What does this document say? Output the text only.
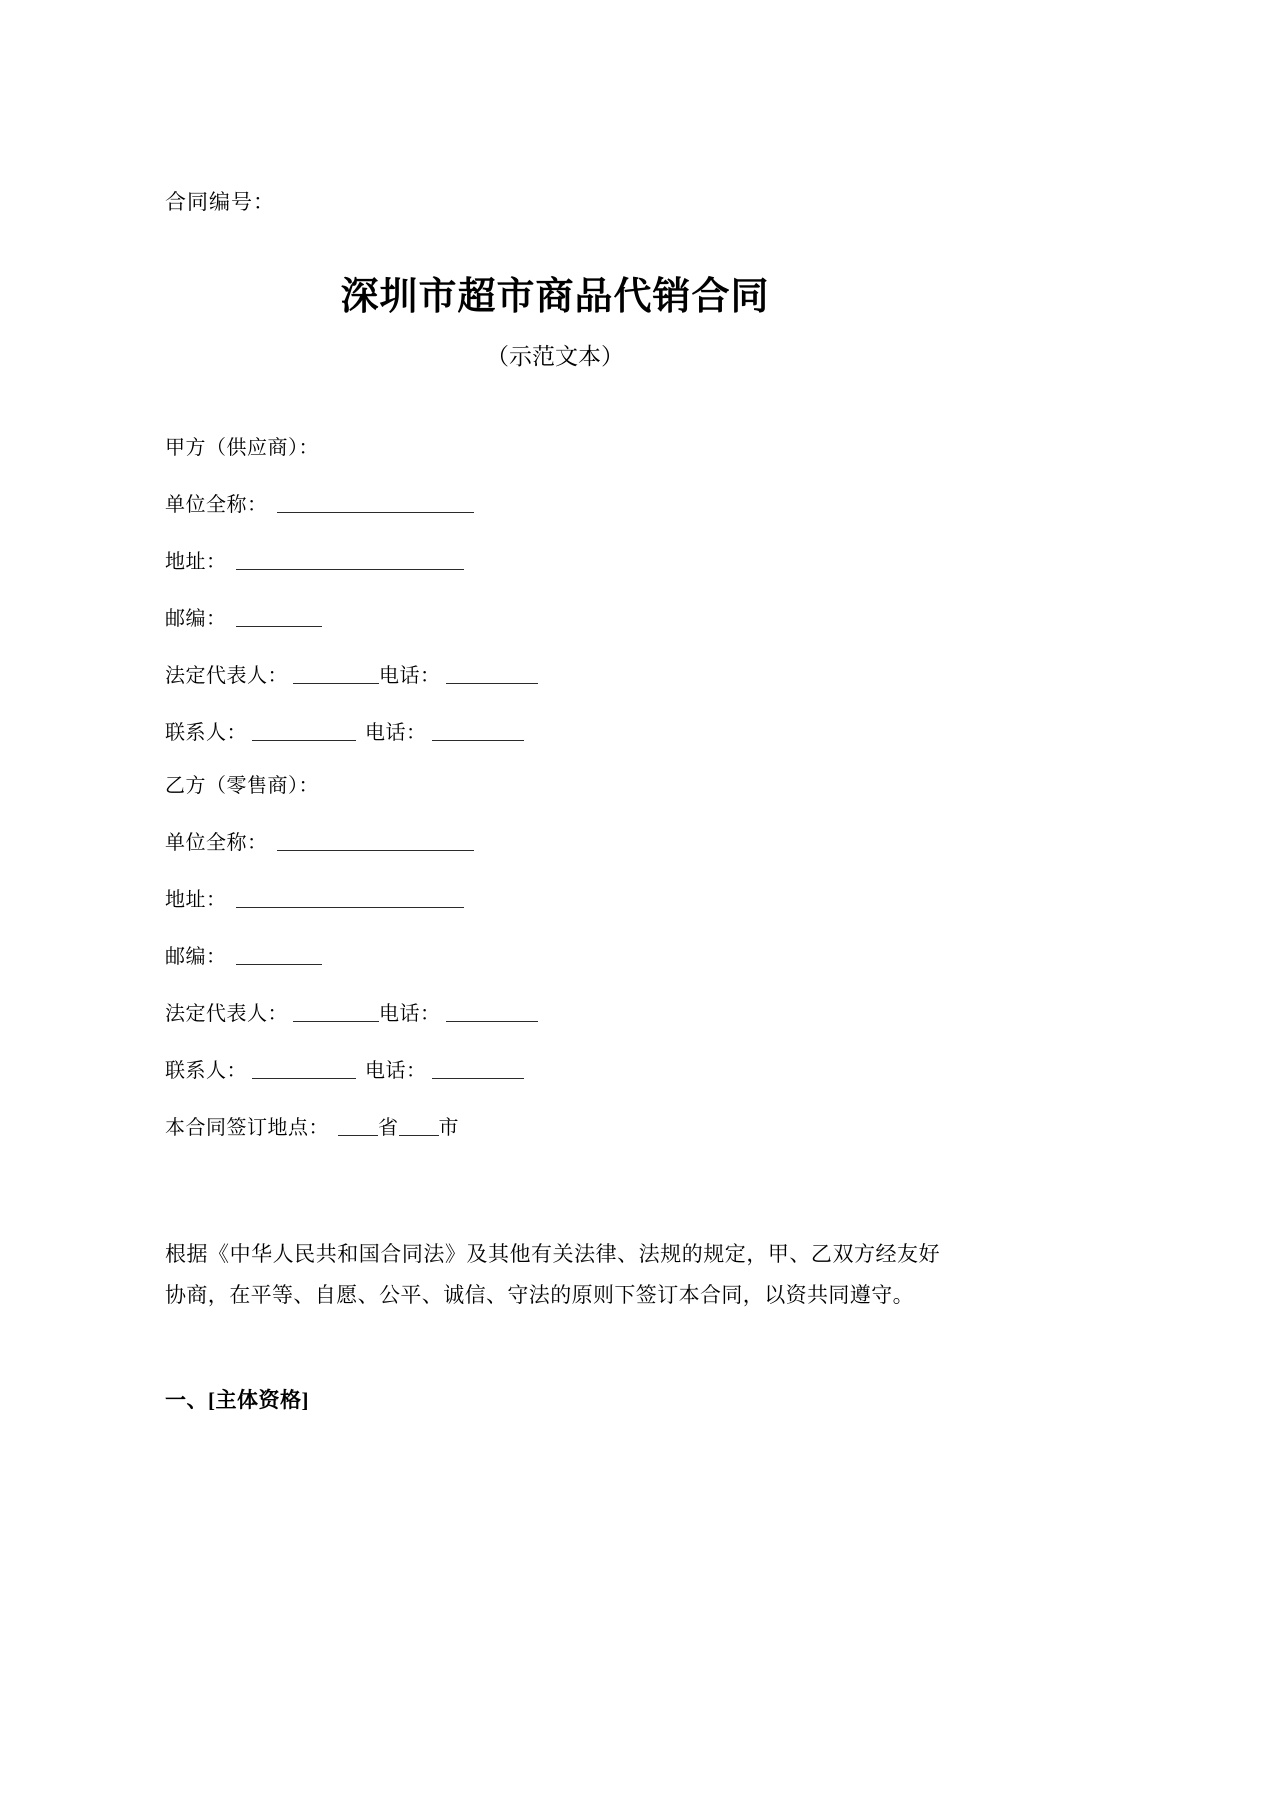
合同编号：
深圳市超市商品代销合同
（示范文本）
甲方（供应商）：
单位全称：
地址：
邮编：
法定代表人：	电话：
联系人：	电话：
乙方（零售商）：
单位全称：
地址：
邮编：
法定代表人：	电话：
联系人：	电话：
本合同签订地点： 省 市
根据《中华人民共和国合同法》及其他有关法律、法规的规定，甲、乙双方经友好协商，在平等、自愿、公平、诚信、守法的原则下签订本合同，以资共同遵守。
一、[主体资格]
